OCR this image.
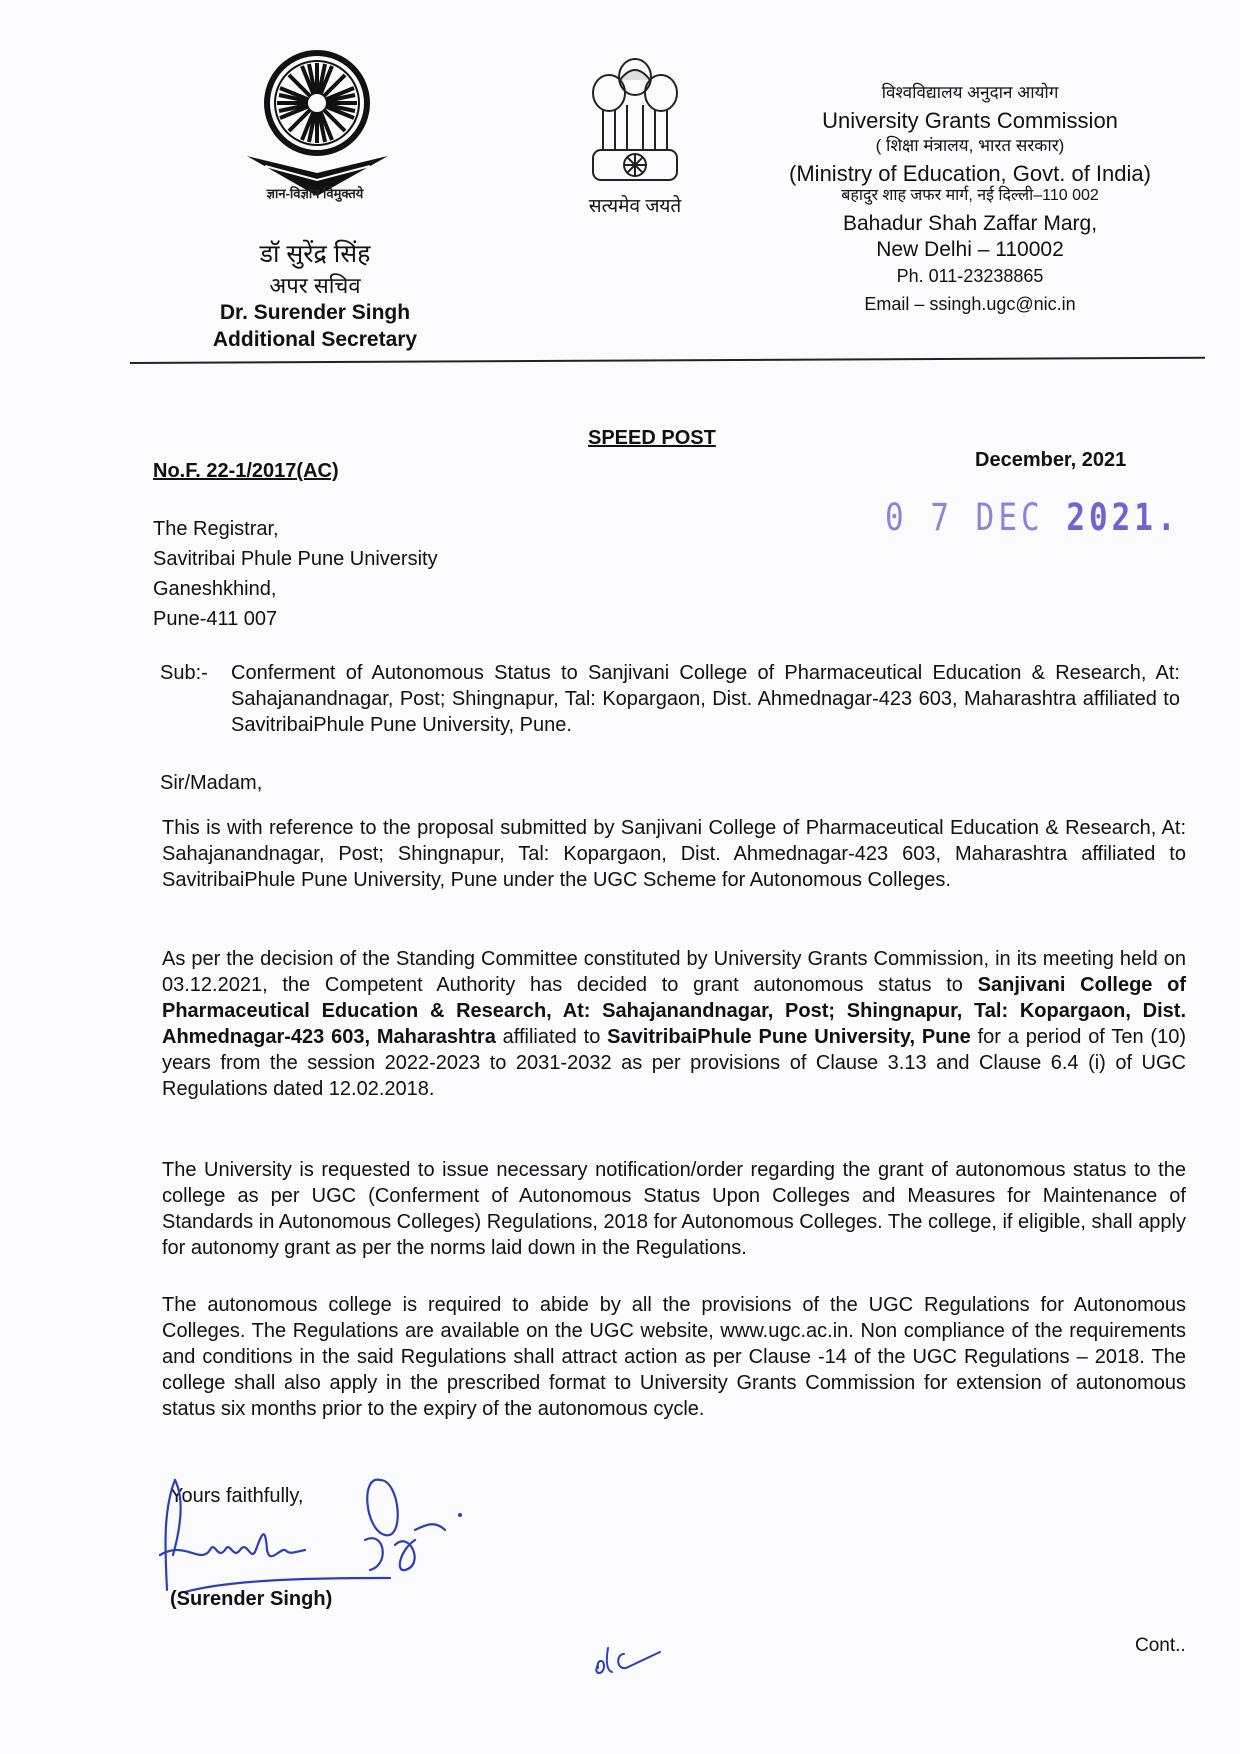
ज्ञान-विज्ञान विमुक्तये
डॉ सुरेंद्र सिंह
अपर सचिव
Dr. Surender Singh
Additional Secretary
सत्यमेव जयते
विश्वविद्यालय अनुदान आयोग
University Grants Commission
( शिक्षा मंत्रालय, भारत सरकार)
(Ministry of Education, Govt. of India)
बहादुर शाह जफर मार्ग, नई दिल्ली–110 002
Bahadur Shah Zaffar Marg,
New Delhi – 110002
Ph. 011-23238865
Email – ssingh.ugc@nic.in
SPEED POST
No.F. 22-1/2017(AC)	December, 2021
0 7 DEC 2021.
The Registrar,
Savitribai Phule Pune University
Ganeshkhind,
Pune-411 007
Sub:-	Conferment of Autonomous Status to Sanjivani College of Pharmaceutical Education & Research, At: Sahajanandnagar, Post; Shingnapur, Tal: Kopargaon, Dist. Ahmednagar-423 603, Maharashtra affiliated to SavitribaiPhule Pune University, Pune.
Sir/Madam,
This is with reference to the proposal submitted by Sanjivani College of Pharmaceutical Education & Research, At: Sahajanandnagar, Post; Shingnapur, Tal: Kopargaon, Dist. Ahmednagar-423 603, Maharashtra affiliated to SavitribaiPhule Pune University, Pune under the UGC Scheme for Autonomous Colleges.
As per the decision of the Standing Committee constituted by University Grants Commission, in its meeting held on 03.12.2021, the Competent Authority has decided to grant autonomous status to Sanjivani College of Pharmaceutical Education & Research, At: Sahajanandnagar, Post; Shingnapur, Tal: Kopargaon, Dist. Ahmednagar-423 603, Maharashtra affiliated to SavitribaiPhule Pune University, Pune for a period of Ten (10) years from the session 2022-2023 to 2031-2032 as per provisions of Clause 3.13 and Clause 6.4 (i) of UGC Regulations dated 12.02.2018.
The University is requested to issue necessary notification/order regarding the grant of autonomous status to the college as per UGC (Conferment of Autonomous Status Upon Colleges and Measures for Maintenance of Standards in Autonomous Colleges) Regulations, 2018 for Autonomous Colleges. The college, if eligible, shall apply for autonomy grant as per the norms laid down in the Regulations.
The autonomous college is required to abide by all the provisions of the UGC Regulations for Autonomous Colleges. The Regulations are available on the UGC website, www.ugc.ac.in. Non compliance of the requirements and conditions in the said Regulations shall attract action as per Clause -14 of the UGC Regulations – 2018. The college shall also apply in the prescribed format to University Grants Commission for extension of autonomous status six months prior to the expiry of the autonomous cycle.
Yours faithfully,
(Surender Singh)
Cont..
